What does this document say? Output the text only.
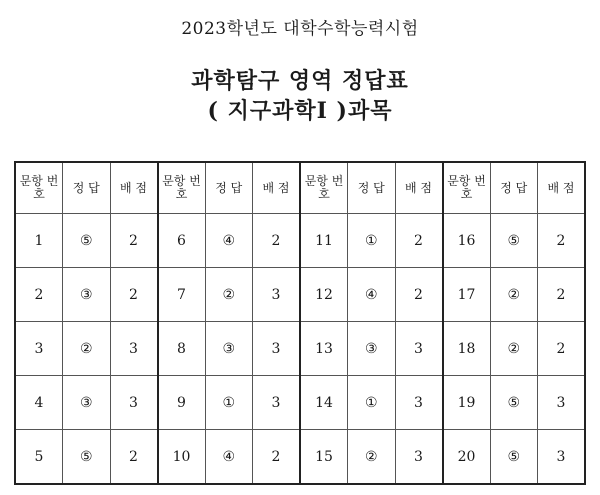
2023학년도 대학수학능력시험
과학탐구 영역 정답표
( 지구과학Ⅰ )과목
문항 번호	정 답	배 점	문항 번호	정 답	배 점	문항 번호	정 답	배 점	문항 번호	정 답	배 점
1	⑤	2	6	④	2	11	①	2	16	⑤	2
2	③	2	7	②	3	12	④	2	17	②	2
3	②	3	8	③	3	13	③	3	18	②	2
4	③	3	9	①	3	14	①	3	19	⑤	3
5	⑤	2	10	④	2	15	②	3	20	⑤	3
